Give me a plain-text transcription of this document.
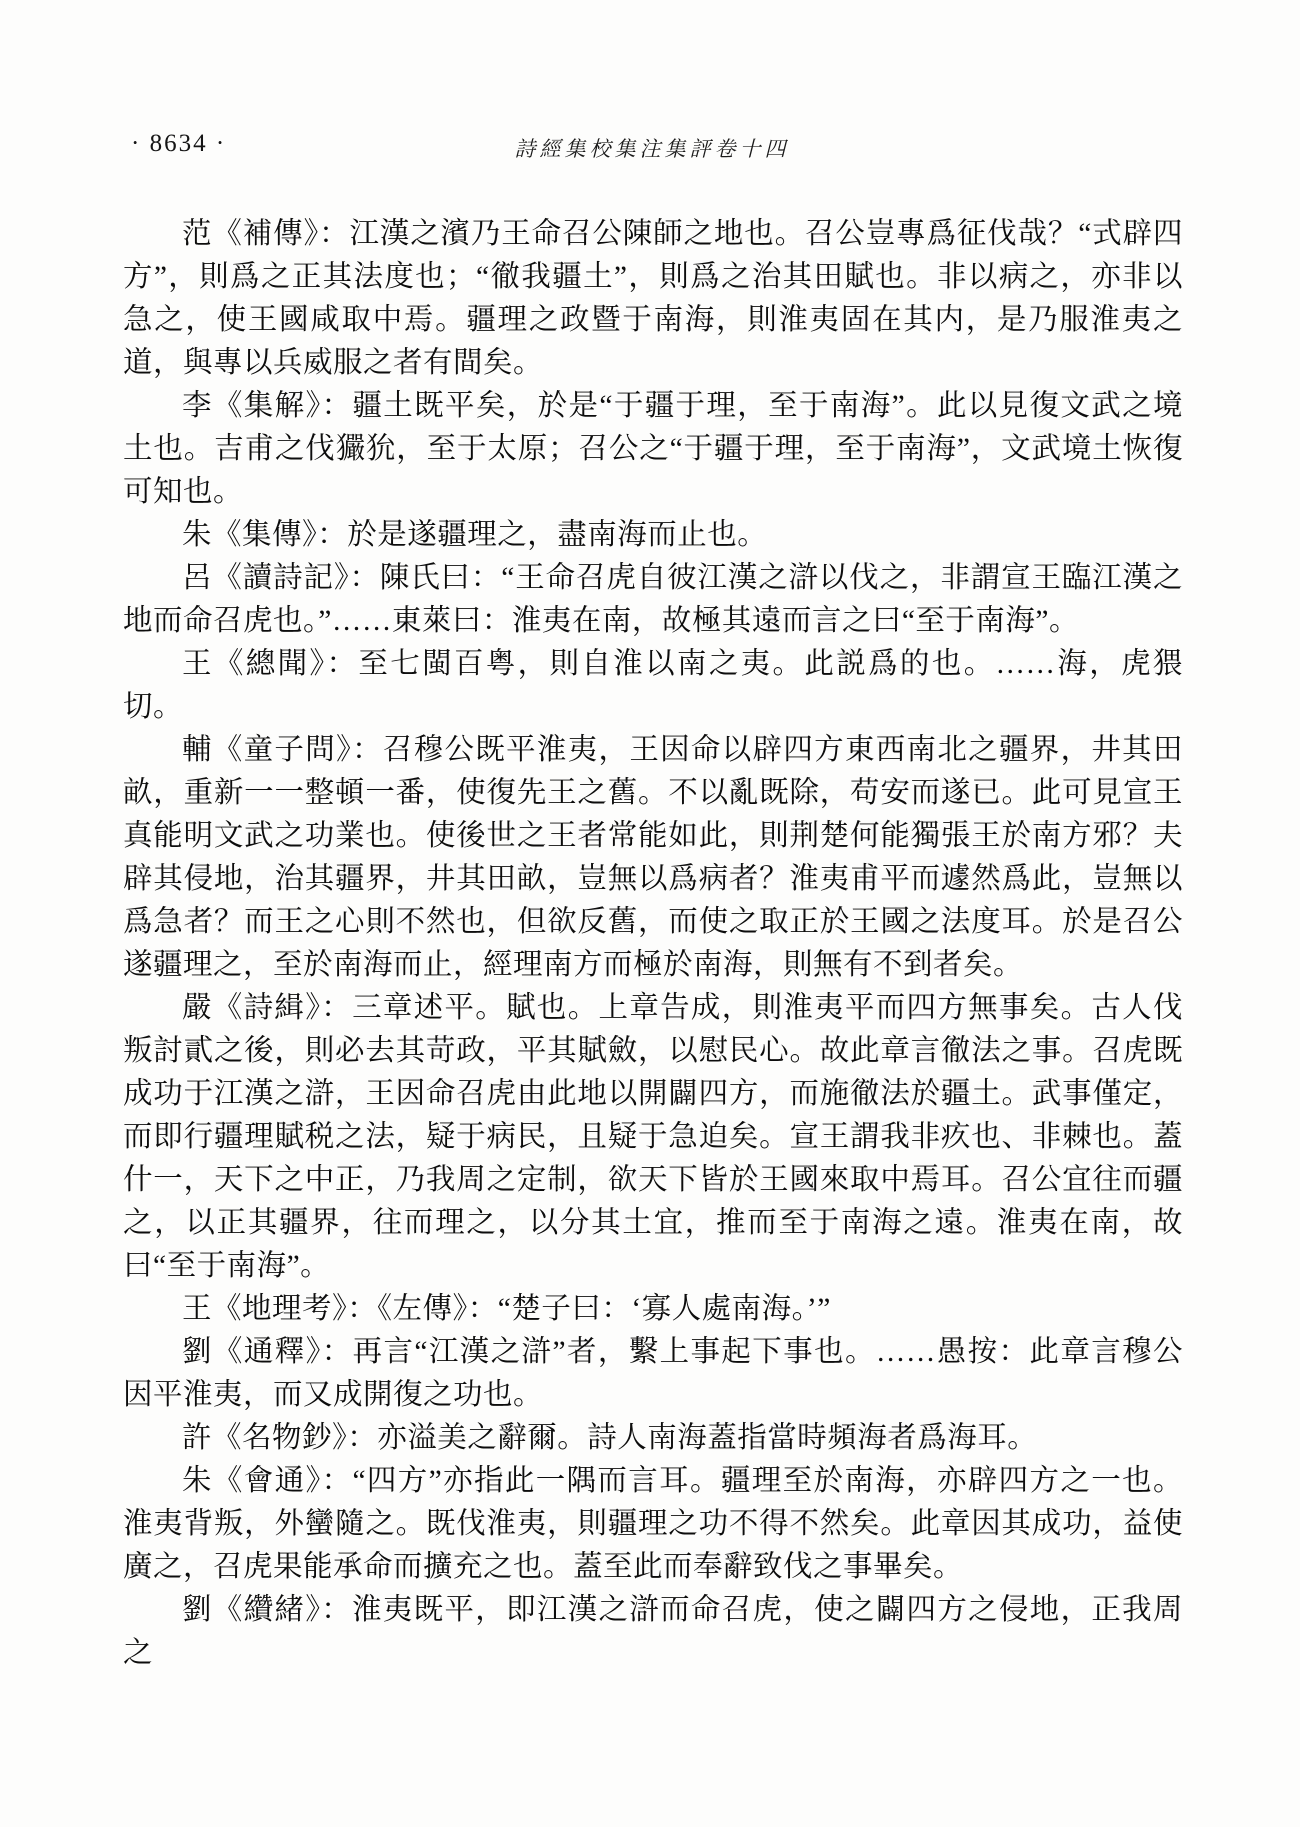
· 8634 ·	詩經集校集注集評卷十四

范《補傳》：江漢之濱乃王命召公陳師之地也。召公豈專爲征伐哉？“式辟四方”，則爲之正其法度也；“徹我疆土”，則爲之治其田賦也。非以病之，亦非以急之，使王國咸取中焉。疆理之政暨于南海，則淮夷固在其内，是乃服淮夷之道，與專以兵威服之者有間矣。

李《集解》：疆土既平矣，於是“于疆于理，至于南海”。此以見復文武之境土也。吉甫之伐玁狁，至于太原；召公之“于疆于理，至于南海”，文武境土恢復可知也。

朱《集傳》：於是遂疆理之，盡南海而止也。

呂《讀詩記》：陳氏曰：“王命召虎自彼江漢之滸以伐之，非謂宣王臨江漢之地而命召虎也。”……東萊曰：淮夷在南，故極其遠而言之曰“至于南海”。

王《總聞》：至七閩百粤，則自淮以南之夷。此説爲的也。……海，虎猥切。

輔《童子問》：召穆公既平淮夷，王因命以辟四方東西南北之疆界，井其田畝，重新一一整頓一番，使復先王之舊。不以亂既除，苟安而遂已。此可見宣王真能明文武之功業也。使後世之王者常能如此，則荆楚何能獨張王於南方邪？夫辟其侵地，治其疆界，井其田畝，豈無以爲病者？淮夷甫平而遽然爲此，豈無以爲急者？而王之心則不然也，但欲反舊，而使之取正於王國之法度耳。於是召公遂疆理之，至於南海而止，經理南方而極於南海，則無有不到者矣。

嚴《詩緝》：三章述平。賦也。上章告成，則淮夷平而四方無事矣。古人伐叛討貳之後，則必去其苛政，平其賦斂，以慰民心。故此章言徹法之事。召虎既成功于江漢之滸，王因命召虎由此地以開闢四方，而施徹法於疆土。武事僅定，而即行疆理賦税之法，疑于病民，且疑于急迫矣。宣王謂我非疚也、非棘也。蓋什一，天下之中正，乃我周之定制，欲天下皆於王國來取中焉耳。召公宜往而疆之，以正其疆界，往而理之，以分其土宜，推而至于南海之遠。淮夷在南，故曰“至于南海”。

王《地理考》：《左傳》：“楚子曰：‘寡人處南海。’”

劉《通釋》：再言“江漢之滸”者，繫上事起下事也。……愚按：此章言穆公因平淮夷，而又成開復之功也。

許《名物鈔》：亦溢美之辭爾。詩人南海蓋指當時頻海者爲海耳。

朱《會通》：“四方”亦指此一隅而言耳。疆理至於南海，亦辟四方之一也。淮夷背叛，外蠻隨之。既伐淮夷，則疆理之功不得不然矣。此章因其成功，益使廣之，召虎果能承命而擴充之也。蓋至此而奉辭致伐之事畢矣。

劉《纘緒》：淮夷既平，即江漢之滸而命召虎，使之闢四方之侵地，正我周之
